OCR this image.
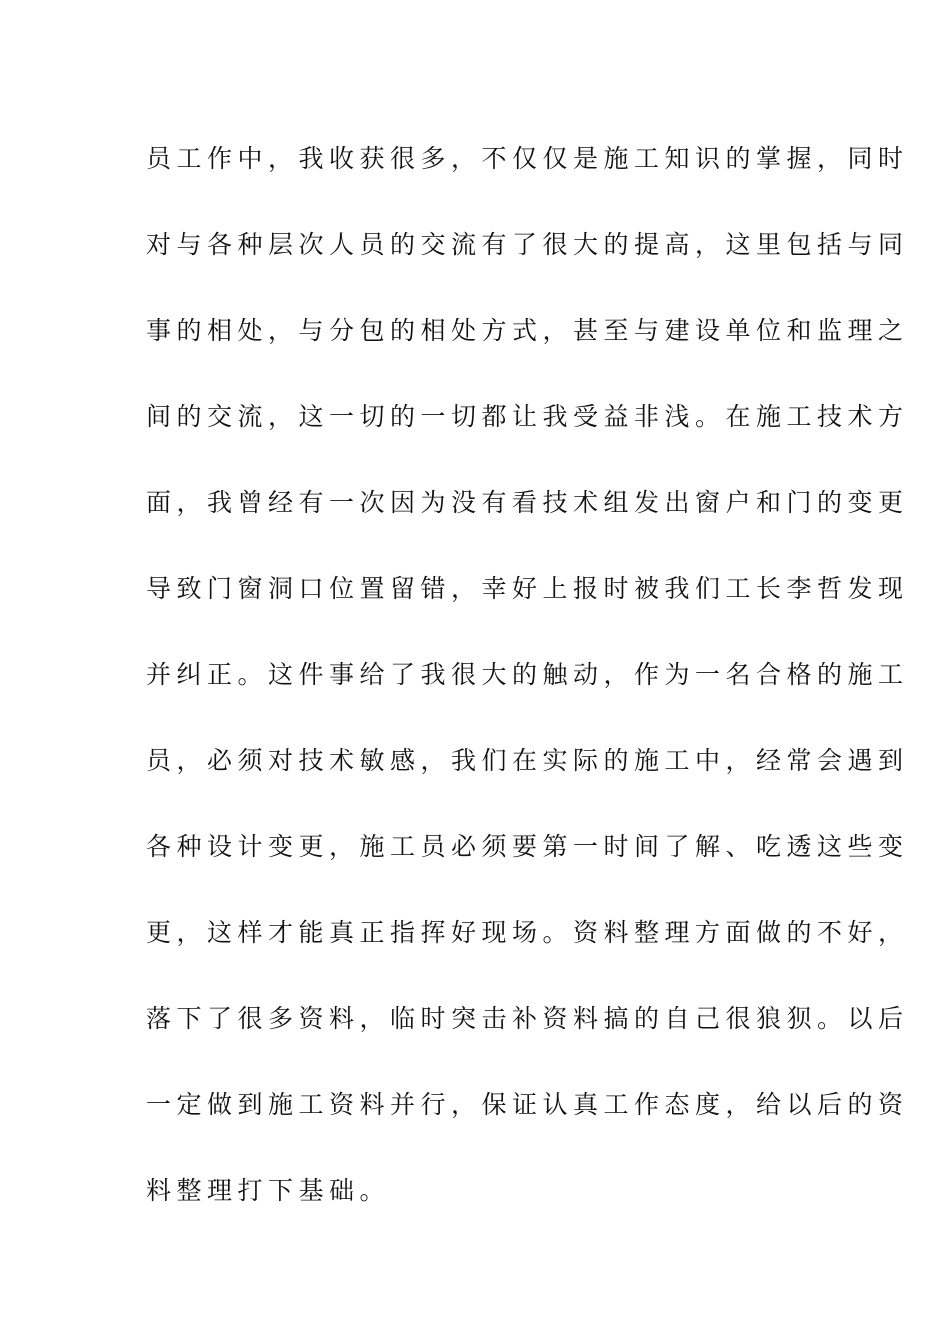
员工作中，我收获很多，不仅仅是施工知识的掌握，同时
对与各种层次人员的交流有了很大的提高，这里包括与同
事的相处，与分包的相处方式，甚至与建设单位和监理之
间的交流，这一切的一切都让我受益非浅。在施工技术方
面，我曾经有一次因为没有看技术组发出窗户和门的变更
导致门窗洞口位置留错，幸好上报时被我们工长李哲发现
并纠正。这件事给了我很大的触动，作为一名合格的施工
员，必须对技术敏感，我们在实际的施工中，经常会遇到
各种设计变更，施工员必须要第一时间了解、吃透这些变
更，这样才能真正指挥好现场。资料整理方面做的不好，
落下了很多资料，临时突击补资料搞的自己很狼狈。以后
一定做到施工资料并行，保证认真工作态度，给以后的资
料整理打下基础。
